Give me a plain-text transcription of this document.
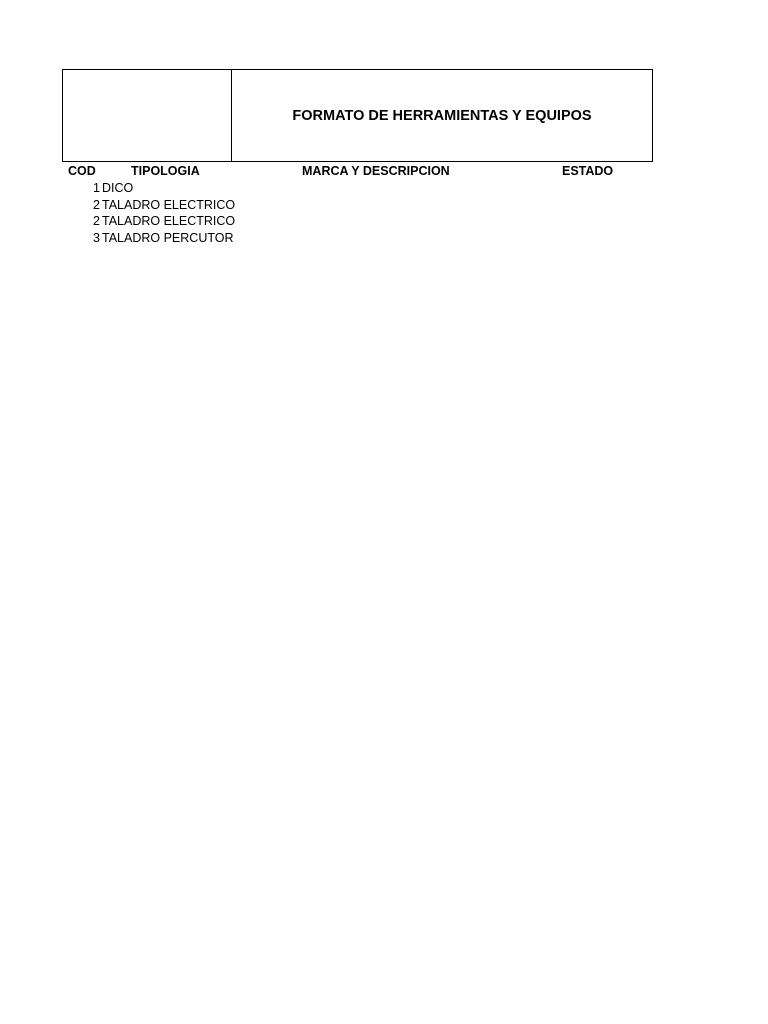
FORMATO DE HERRAMIENTAS Y EQUIPOS
COD	TIPOLOGIA	MARCA Y DESCRIPCION	ESTADO
1 DICO
2 TALADRO ELECTRICO
2 TALADRO ELECTRICO
3 TALADRO PERCUTOR
